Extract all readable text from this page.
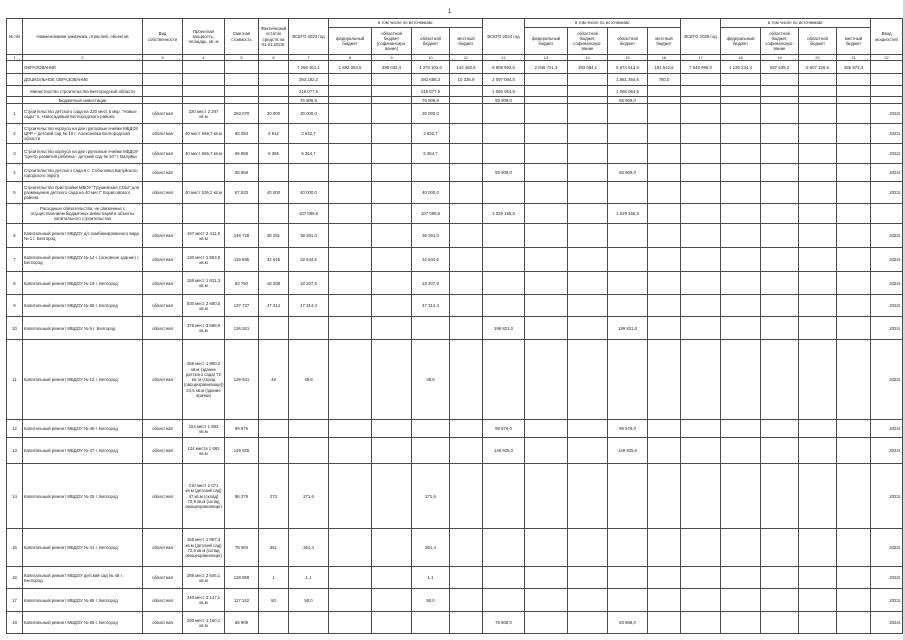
1
№ п/п	Наименование заказчика, отраслей, объектов	Вид собственности	Проектная мощность, площадь, кв. м	Сметная стоимость	Фактический остаток средств на 01.01.2023г.	ВСЕГО 2023 год	в том числе по источникам:				ВСЕГО 2024 год	в том числе по источникам:				ВСЕГО 2025 год	в том числе по источникам:				Ввод мощностей
							федеральный бюджет	областной бюджет (софинансиро-вание)	областной бюджет	местный бюджет		федеральный бюджет	областной бюджет, софинансиро-вание	областной бюджет	местный бюджет		федеральный бюджет	областной бюджет, софинансиро-вание	областной бюджет	местный бюджет	
1	2	3	4	5	6	7	8	9	10	11	12	13	14	15	16	17	18	19	20	21	22
	ОБРАЗОВАНИЕ					7 266 301,1	1 692 003,6	488 032,4	4 370 101,0	144 482,9	9 908 993,6	2 846 721,3	393 084,1	5 674 613,6	191 542,6	7 648 996,0	1 135 234,4	597 639,2	5 607 126,9	365 973,3	
	ДОШКОЛЬНОЕ ОБРАЗОВАНИЕ					393 182,2			382 658,3	10 336,9	2 097 084,5			1 881 364,5	780,0						
	Министерство строительства Белгородской области					216 077,5			216 077,5		1 065 064,5			1 065 064,5							
	Бюджетные инвестиции					76 806,9			76 806,9		55 909,0			55 909,0							
1	Строительство детского сада на 220 мест в мкр. "Новые сады" п. Новосадовый Белгородского района	областная	220 мест 2 287 кв.м	263 070	30 000	30 000,0			30 000,0												2023г.
2	Строительство корпуса на две групповые ячейки МБДОУ ЦРР – детский сад № 10 г. Алексеевка Белгородской области	областная	40 мест 669,7 кв.м	65 084	2 912	2 632,7			2 632,7												2022г.
3	Строительство корпуса на две групповые ячейки МБДОУ "Центр развития ребёнка - детский сад № 10" г. Валуйки	областная	40 мест 666,7 кв.м	56 868	6 365	6 364,7			6 364,7												2022г.
4	Строительство детского сада в с. Соболевка Валуйского городского округа	областная		55 868							55 909,0			55 909,0							2024г.
5	Строительство пристройки МБОУ "Грушевская СОШ" для размещения детского сада на 40 мест" Борисовского района	областная	40 мест 536,2 кв.м	67 533	40 000	40 000,0			40 000,0												2023г.
	Расходные обязательства, не связанные с осуществлением бюджетных инвестиций в объекты капитального строительства					107 099,6			107 099,6		1 029 155,5			1 029 155,5							
6	Капитальный ремонт МБДОУ д/с комбинированного вида № 1 г. Белгород	областная	167 мест 2 411,9 кв.м	146 729	38 291	38 291,0			38 291,0												2023г.
7	Капитальный ремонт МБДОУ № 14 г. (основное здание) г. Белгород	областная	130 мест 1 863,9 кв.м	119 695	32 645	32 644,6			32 644,6												2024г.
8	Капитальный ремонт МБДОУ № 19 г. Белгород	областная	155 мест 1 631,3 кв.м	83 750	18 208	18 207,6			18 207,6												2024г.
9	Капитальный ремонт МБДОУ № 65 г. Белгород	областная	830 мест 2 680,5 кв.м	137 737	47 314	47 314,4			47 314,4												2023г.
10	Капитальный ремонт МБДОУ № 5 г. Белгород	областная	375 мест 3 588,6 кв.м	136 921							199 821,0			199 821,0							2024г.
11	Капитальный ремонт МБДОУ № 12 г. Белгород	областная	258 мест 1 890,2 кв.м (здание детского сада) 72 кв. м (склад (овощехранилище)) 24,5 кв.м (здание прачки)	129 941	49	48,9			48,9												2023г.
12	Капитальный ремонт МБДОУ № 45 г. Белгород	областная	154 мест 1 592 кв.м	99 576							99 576,0			99 576,0							2024г.
13	Капитальный ремонт МБДОУ № 47 г. Белгород	областная	124 места 1 693 кв.м	149 925							149 925,0			149 925,0							2024г.
14	Капитальный ремонт МБДОУ № 25 г. Белгород	областная	210 мест 2 071 кв.м (детский сад) 47 кв.м (склад) 70,9 кв.м (склад овощехранилище)	86 279	272	271,6			271,6												2023г.
15	Капитальный ремонт МБДОУ № 41 г. Белгород	областная	165 мест 1 997,3 кв.м (детский сад) 72,6 кв.м (склад овощехранилище)	78 593	361	361,4			361,4												2023г.
16	Капитальный ремонт МБДОУ детский сад № 48 г. Белгород	областная	288 мест 2 645,1 кв.м	128 859	1	1,1			1,1												2023г.
17	Капитальный ремонт МБДОУ № 86 г. Белгород	областная	240 мест 2 147,1 кв.м	117 152	50	50,0			50,0												2023г.
18	Капитальный ремонт МБДОУ № 66 г. Белгород	областная	200 мест 1 160,1 кв.м	65 909							78 808,0			83 868,0							2024г.
